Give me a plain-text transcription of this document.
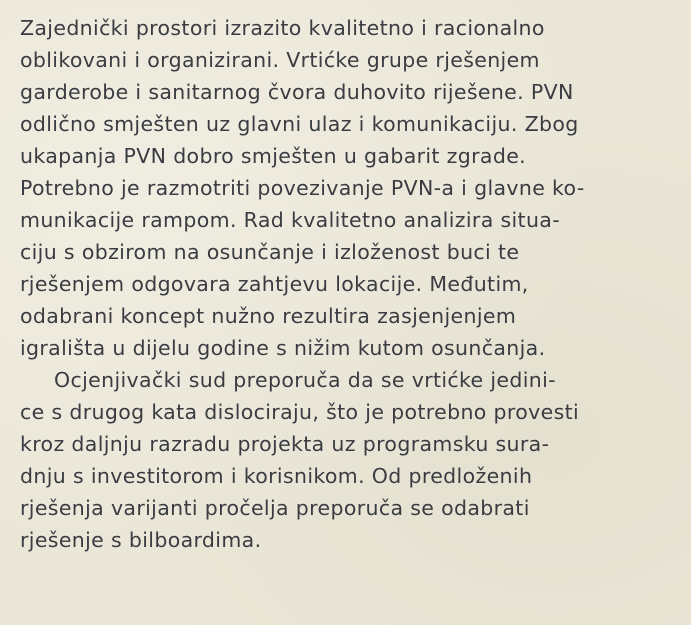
Zajednički prostori izrazito kvalitetno i racionalno
oblikovani i organizirani. Vrtićke grupe rješenjem
garderobe i sanitarnog čvora duhovito riješene. PVN
odlično smješten uz glavni ulaz i komunikaciju. Zbog
ukapanja PVN dobro smješten u gabarit zgrade.
Potrebno je razmotriti povezivanje PVN-a i glavne ko-
munikacije rampom. Rad kvalitetno analizira situa-
ciju s obzirom na osunčanje i izloženost buci te
rješenjem odgovara zahtjevu lokacije. Međutim,
odabrani koncept nužno rezultira zasjenjenjem
igrališta u dijelu godine s nižim kutom osunčanja.
Ocjenjivački sud preporuča da se vrtićke jedini-
ce s drugog kata dislociraju, što je potrebno provesti
kroz daljnju razradu projekta uz programsku sura-
dnju s investitorom i korisnikom. Od predloženih
rješenja varijanti pročelja preporuča se odabrati
rješenje s bilboardima.
